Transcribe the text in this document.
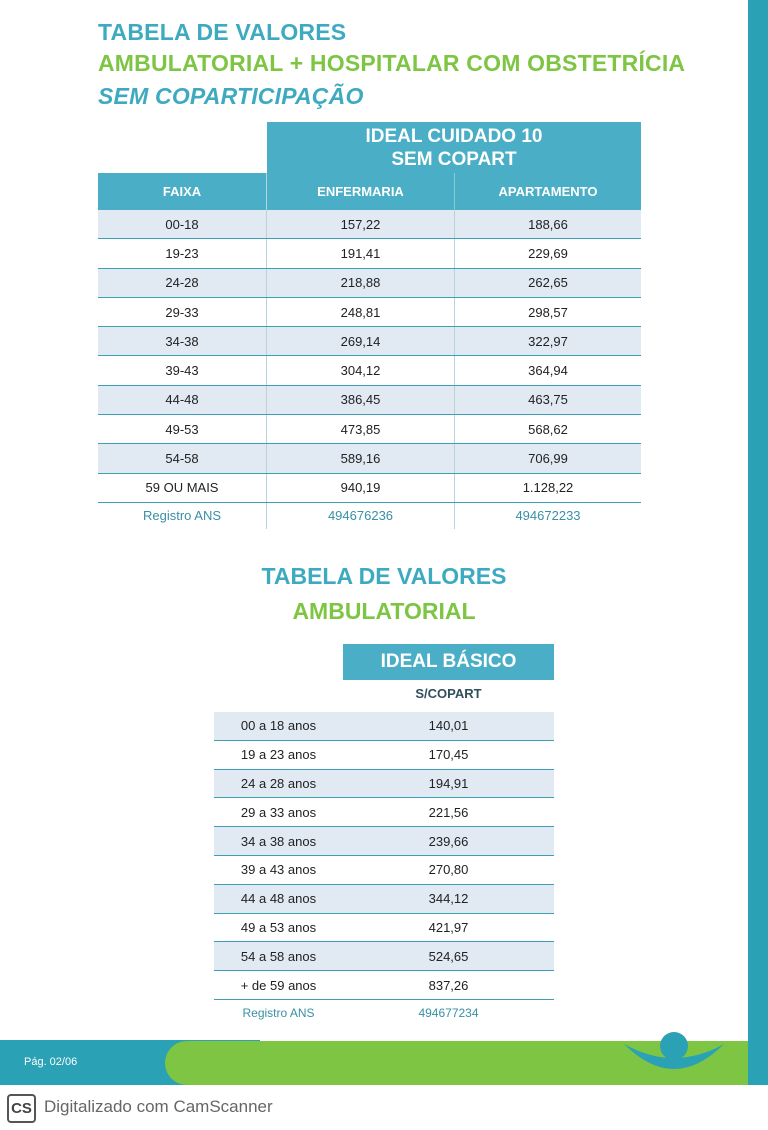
TABELA DE VALORES
AMBULATORIAL + HOSPITALAR COM OBSTETRÍCIA
SEM COPARTICIPAÇÃO
IDEAL CUIDADO 10
SEM COPART
FAIXA	ENFERMARIA	APARTAMENTO
00-18	157,22	188,66
19-23	191,41	229,69
24-28	218,88	262,65
29-33	248,81	298,57
34-38	269,14	322,97
39-43	304,12	364,94
44-48	386,45	463,75
49-53	473,85	568,62
54-58	589,16	706,99
59 OU MAIS	940,19	1.128,22
Registro ANS	494676236	494672233
TABELA DE VALORES
AMBULATORIAL
IDEAL BÁSICO
S/COPART
00 a 18 anos	140,01
19 a 23 anos	170,45
24 a 28 anos	194,91
29 a 33 anos	221,56
34 a 38 anos	239,66
39 a 43 anos	270,80
44 a 48 anos	344,12
49 a 53 anos	421,97
54 a 58 anos	524,65
+ de 59 anos	837,26
Registro ANS	494677234
Pág. 02/06
CS Digitalizado com CamScanner
